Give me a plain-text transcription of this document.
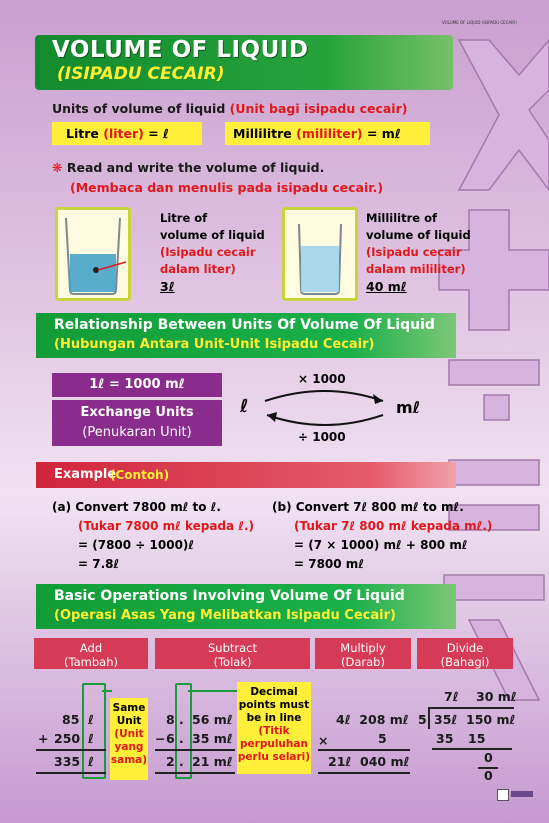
VOLUME OF LIQUID (ISIPADU CECAIR)
VOLUME OF LIQUID
(ISIPADU CECAIR)
Units of volume of liquid (Unit bagi isipadu cecair)
Litre (liter) = ℓ	Millilitre (mililiter) = mℓ
❋ Read and write the volume of liquid.
(Membaca dan menulis pada isipadu cecair.)
Litre of
volume of liquid
(Isipadu cecair
dalam liter)
3ℓ
Millilitre of
volume of liquid
(Isipadu cecair
dalam mililiter)
40 mℓ
Relationship Between Units Of Volume Of Liquid
(Hubungan Antara Unit-Unit Isipadu Cecair)
1ℓ = 1000 mℓ
Exchange Units
(Penukaran Unit)
ℓ	mℓ
× 1000
÷ 1000
Example
(Contoh)
(a) Convert 7800 mℓ to ℓ.
(Tukar 7800 mℓ kepada ℓ.)
= (7800 ÷ 1000)ℓ
= 7.8ℓ
(b) Convert 7ℓ 800 mℓ to mℓ.
(Tukar 7ℓ 800 mℓ kepada mℓ.)
= (7 × 1000) mℓ + 800 mℓ
= 7800 mℓ
Basic Operations Involving Volume Of Liquid
(Operasi Asas Yang Melibatkan Isipadu Cecair)
Add
(Tambah)
Subtract
(Tolak)
Multiply
(Darab)
Divide
(Bahagi)
85 ℓ
+ 250 ℓ
335 ℓ
Same
Unit
(Unit
yang
sama)
8 . 56 mℓ
− 6 . 35 mℓ
2 . 21 mℓ
Decimal
points must
be in line
(Titik
perpuluhan
perlu selari)
4ℓ  208 mℓ
×	5
21ℓ  040 mℓ
7ℓ    30 mℓ
5 35ℓ  150 mℓ
35 15
0
0
